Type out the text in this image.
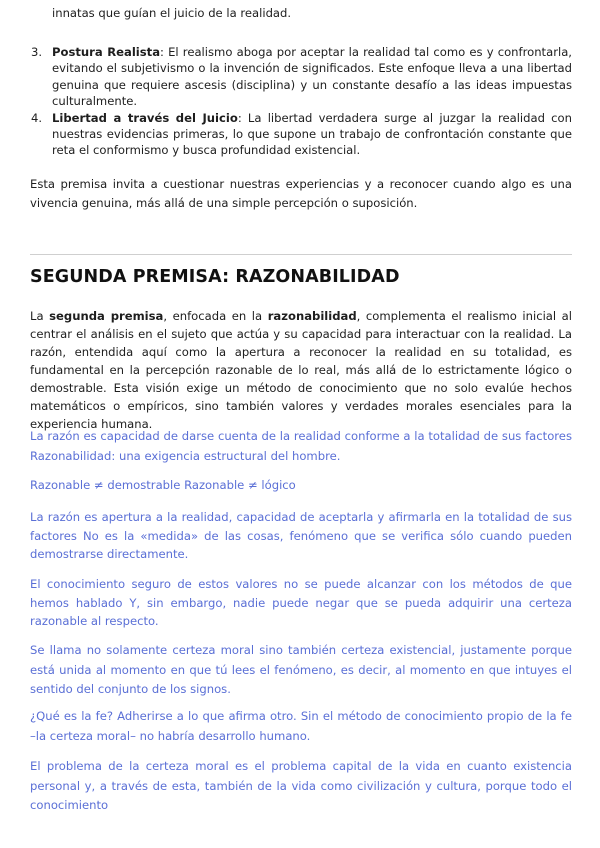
innatas que guían el juicio de la realidad.

3. Postura Realista: El realismo aboga por aceptar la realidad tal como es y confrontarla, evitando el subjetivismo o la invención de significados. Este enfoque lleva a una libertad genuina que requiere ascesis (disciplina) y un constante desafío a las ideas impuestas culturalmente.
4. Libertad a través del Juicio: La libertad verdadera surge al juzgar la realidad con nuestras evidencias primeras, lo que supone un trabajo de confrontación constante que reta el conformismo y busca profundidad existencial.

Esta premisa invita a cuestionar nuestras experiencias y a reconocer cuando algo es una vivencia genuina, más allá de una simple percepción o suposición.

SEGUNDA PREMISA: RAZONABILIDAD

La segunda premisa, enfocada en la razonabilidad, complementa el realismo inicial al centrar el análisis en el sujeto que actúa y su capacidad para interactuar con la realidad. La razón, entendida aquí como la apertura a reconocer la realidad en su totalidad, es fundamental en la percepción razonable de lo real, más allá de lo estrictamente lógico o demostrable. Esta visión exige un método de conocimiento que no solo evalúe hechos matemáticos o empíricos, sino también valores y verdades morales esenciales para la experiencia humana.

La razón es capacidad de darse cuenta de la realidad conforme a la totalidad de sus factores Razonabilidad: una exigencia estructural del hombre.

Razonable ≠ demostrable Razonable ≠ lógico

La razón es apertura a la realidad, capacidad de aceptarla y afirmarla en la totalidad de sus factores No es la «medida» de las cosas, fenómeno que se verifica sólo cuando pueden demostrarse directamente.

El conocimiento seguro de estos valores no se puede alcanzar con los métodos de que hemos hablado Y, sin embargo, nadie puede negar que se pueda adquirir una certeza razonable al respecto.

Se llama no solamente certeza moral sino también certeza existencial, justamente porque está unida al momento en que tú lees el fenómeno, es decir, al momento en que intuyes el sentido del conjunto de los signos.

¿Qué es la fe? Adherirse a lo que afirma otro. Sin el método de conocimiento propio de la fe –la certeza moral– no habría desarrollo humano.

El problema de la certeza moral es el problema capital de la vida en cuanto existencia personal y, a través de esta, también de la vida como civilización y cultura, porque todo el conocimiento
